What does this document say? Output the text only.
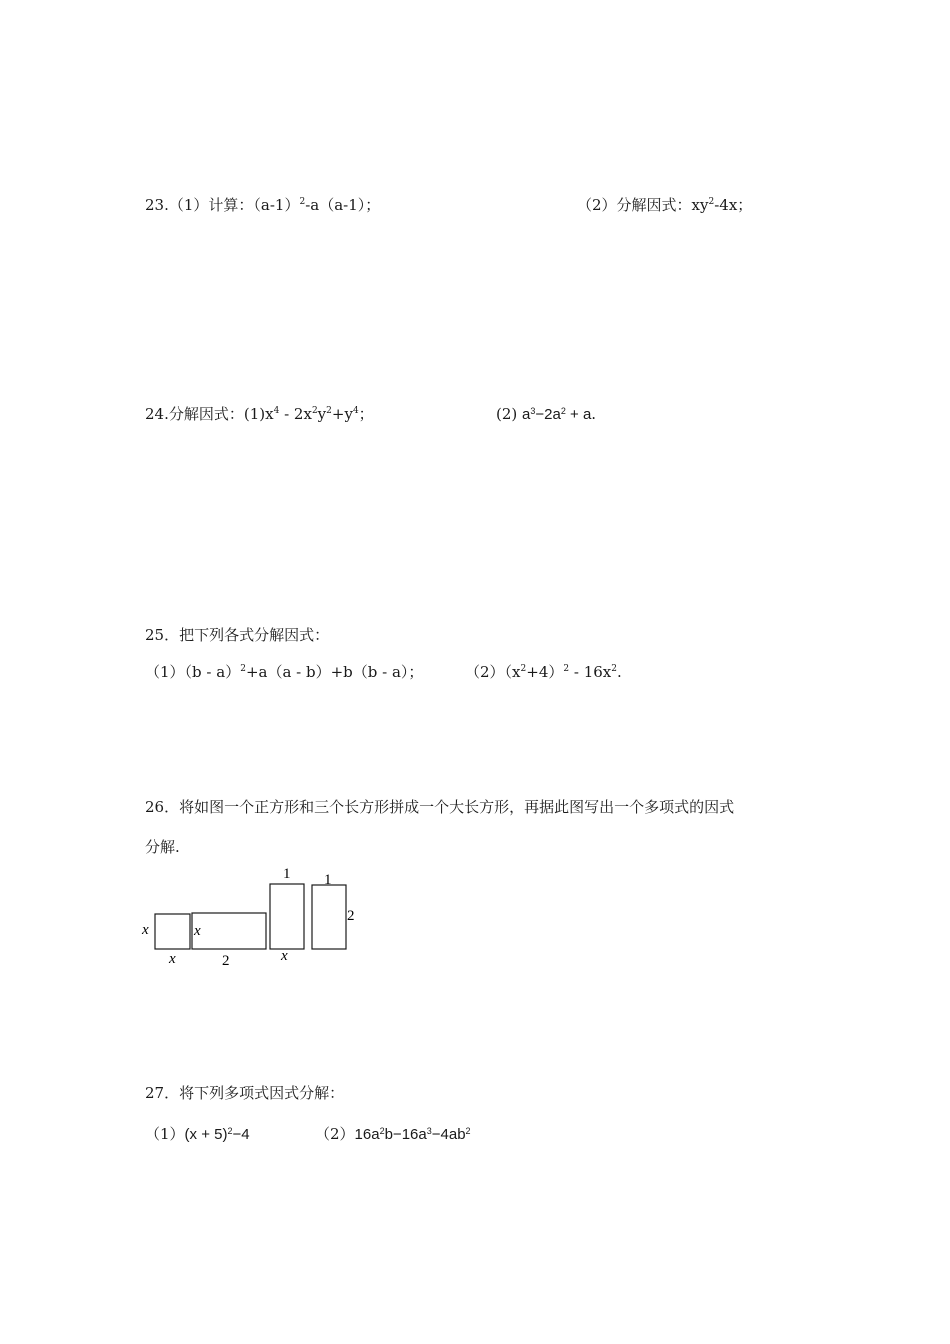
23.（1）计算：$(a-1)^2-a(a-1)$；	（2）分解因式：$xy^2-4x$；
24.分解因式：$(1)x^4 - 2x^2y^2+y^4$；	(2) $a^3-2a^2 + a$.
25．把下列各式分解因式：
（1）（b - a）$^2$+a（a - b）+b（b - a）；	$(2)(x^2+4)^2 - 16x^2$.
26．将如图一个正方形和三个长方形拼成一个大长方形，再据此图写出一个多项式的因式
分解.
x
x
x
2
1
x
1
2
27．将下列多项式因式分解：
$(1)(x + 5)^2-4$	$(2)16a^2b-16a^3-4ab^2$
